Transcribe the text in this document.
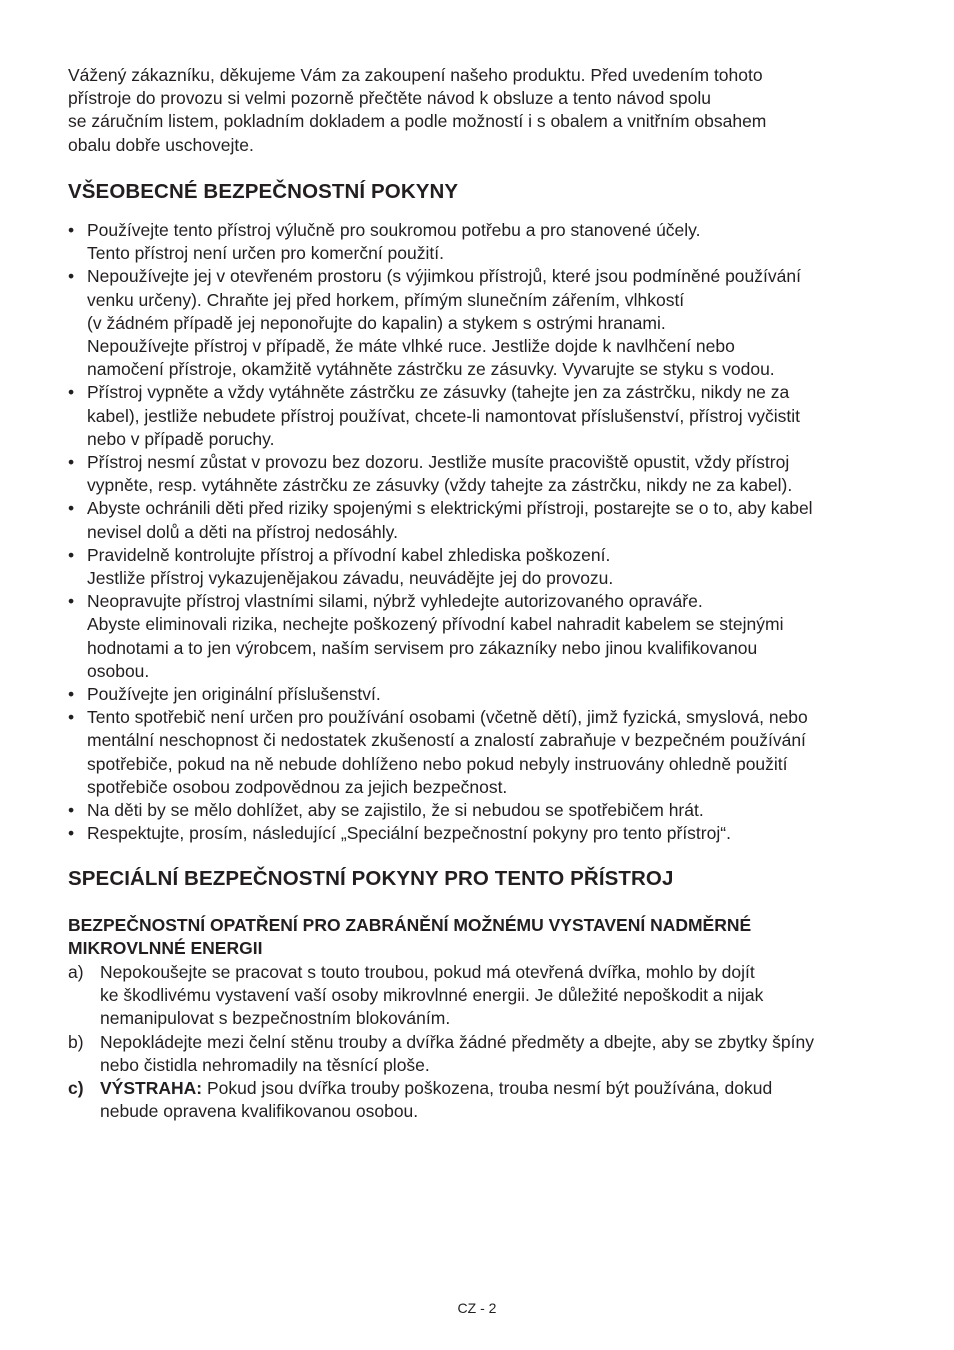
Vážený zákazníku, děkujeme Vám za zakoupení našeho produktu. Před uvedením tohoto
přístroje do provozu si velmi pozorně přečtěte návod k obsluze a tento návod spolu
se záručním listem, pokladním dokladem a podle možností i s obalem a vnitřním obsahem
obalu dobře uschovejte.

VŠEOBECNÉ BEZPEČNOSTNÍ POKYNY
• Používejte tento přístroj výlučně pro soukromou potřebu a pro stanovené účely.
Tento přístroj není určen pro komerční použití.
• Nepoužívejte jej v otevřeném prostoru (s výjimkou přístrojů, které jsou podmíněné používání
venku určeny). Chraňte jej před horkem, přímým slunečním zářením, vlhkostí
(v žádném případě jej neponořujte do kapalin) a stykem s ostrými hranami.
Nepoužívejte přístroj v případě, že máte vlhké ruce. Jestliže dojde k navlhčení nebo
namočení přístroje, okamžitě vytáhněte zástrčku ze zásuvky. Vyvarujte se styku s vodou.
• Přístroj vypněte a vždy vytáhněte zástrčku ze zásuvky (tahejte jen za zástrčku, nikdy ne za
kabel), jestliže nebudete přístroj používat, chcete-li namontovat příslušenství, přístroj vyčistit
nebo v případě poruchy.
• Přístroj nesmí zůstat v provozu bez dozoru. Jestliže musíte pracoviště opustit, vždy přístroj
vypněte, resp. vytáhněte zástrčku ze zásuvky (vždy tahejte za zástrčku, nikdy ne za kabel).
• Abyste ochránili děti před riziky spojenými s elektrickými přístroji, postarejte se o to, aby kabel
nevisel dolů a děti na přístroj nedosáhly.
• Pravidelně kontrolujte přístroj a přívodní kabel zhlediska poškození.
Jestliže přístroj vykazujenějakou závadu, neuvádějte jej do provozu.
• Neopravujte přístroj vlastními silami, nýbrž vyhledejte autorizovaného opraváře.
Abyste eliminovali rizika, nechejte poškozený přívodní kabel nahradit kabelem se stejnými
hodnotami a to jen výrobcem, naším servisem pro zákazníky nebo jinou kvalifikovanou
osobou.
• Používejte jen originální příslušenství.
• Tento spotřebič není určen pro používání osobami (včetně dětí), jimž fyzická, smyslová, nebo
mentální neschopnost či nedostatek zkušeností a znalostí zabraňuje v bezpečném používání
spotřebiče, pokud na ně nebude dohlíženo nebo pokud nebyly instruovány ohledně použití
spotřebiče osobou zodpovědnou za jejich bezpečnost.
• Na děti by se mělo dohlížet, aby se zajistilo, že si nebudou se spotřebičem hrát.
• Respektujte, prosím, následující „Speciální bezpečnostní pokyny pro tento přístroj“.
SPECIÁLNÍ BEZPEČNOSTNÍ POKYNY PRO TENTO PŘÍSTROJ
BEZPEČNOSTNÍ OPATŘENÍ PRO ZABRÁNĚNÍ MOŽNÉMU VYSTAVENÍ NADMĚRNÉ
MIKROVLNNÉ ENERGII
a) Nepokoušejte se pracovat s touto troubou, pokud má otevřená dvířka, mohlo by dojít
ke škodlivému vystavení vaší osoby mikrovlnné energii. Je důležité nepoškodit a nijak
nemanipulovat s bezpečnostním blokováním.
b) Nepokládejte mezi čelní stěnu trouby a dvířka žádné předměty a dbejte, aby se zbytky špíny
nebo čistidla nehromadily na těsnící ploše.
c) VÝSTRAHA: Pokud jsou dvířka trouby poškozena, trouba nesmí být používána, dokud
nebude opravena kvalifikovanou osobou.
CZ - 2
